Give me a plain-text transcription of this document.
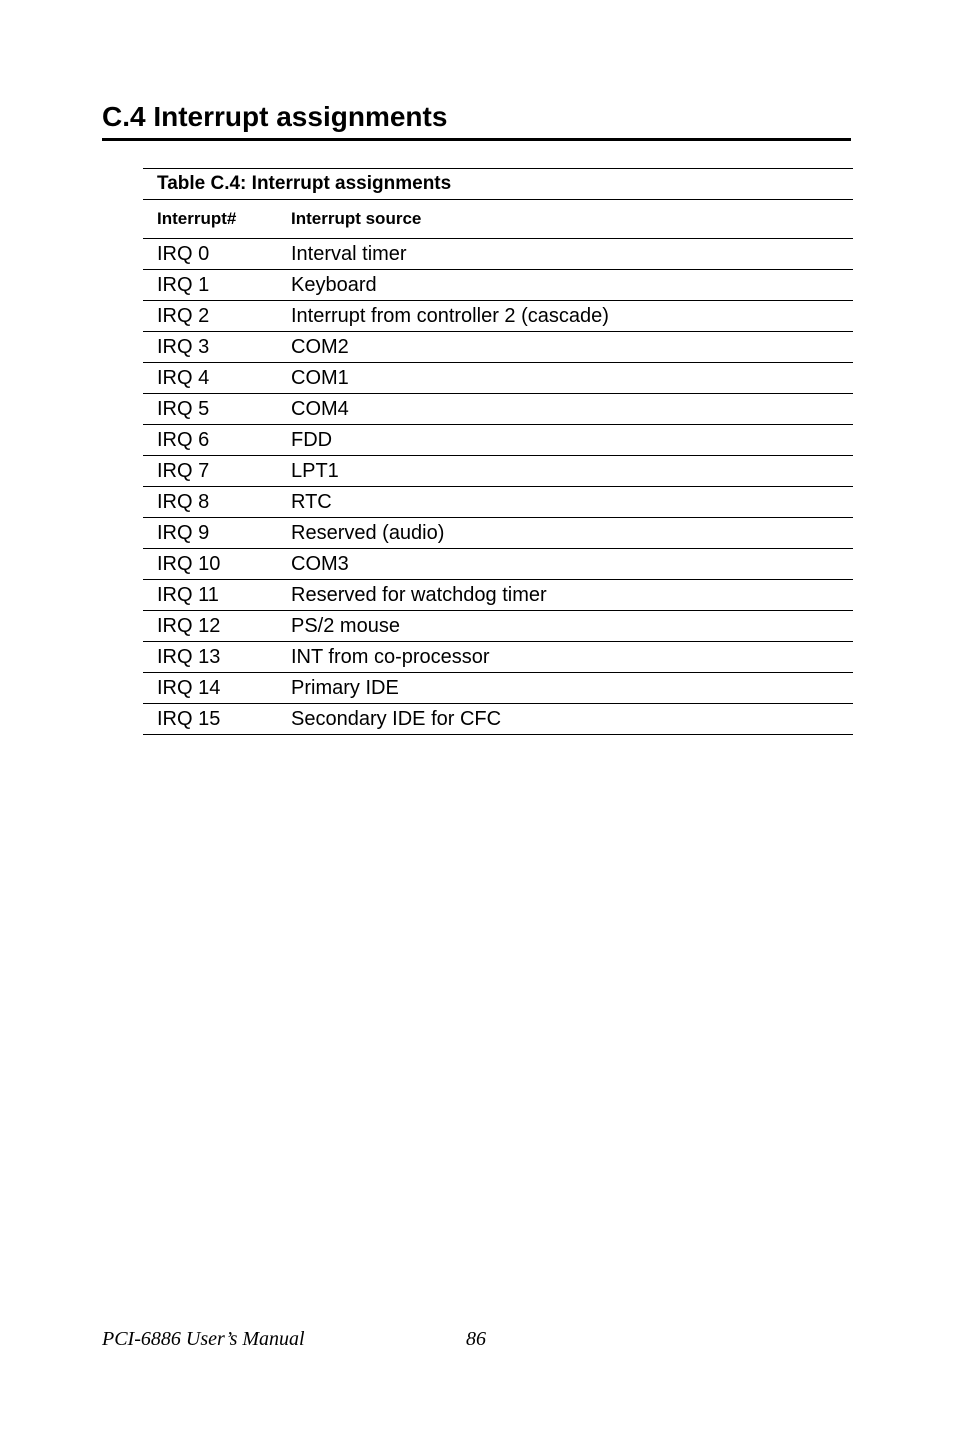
C.4 Interrupt assignments
Table C.4: Interrupt assignments	
Interrupt#	Interrupt source
IRQ 0	Interval timer
IRQ 1	Keyboard
IRQ 2	Interrupt from controller 2 (cascade)
IRQ 3	COM2
IRQ 4	COM1
IRQ 5	COM4
IRQ 6	FDD
IRQ 7	LPT1
IRQ 8	RTC
IRQ 9	Reserved (audio)
IRQ 10	COM3
IRQ 11	Reserved for watchdog timer
IRQ 12	PS/2 mouse
IRQ 13	INT from co-processor
IRQ 14	Primary IDE
IRQ 15	Secondary IDE for CFC
PCI-6886 User’s Manual	86
